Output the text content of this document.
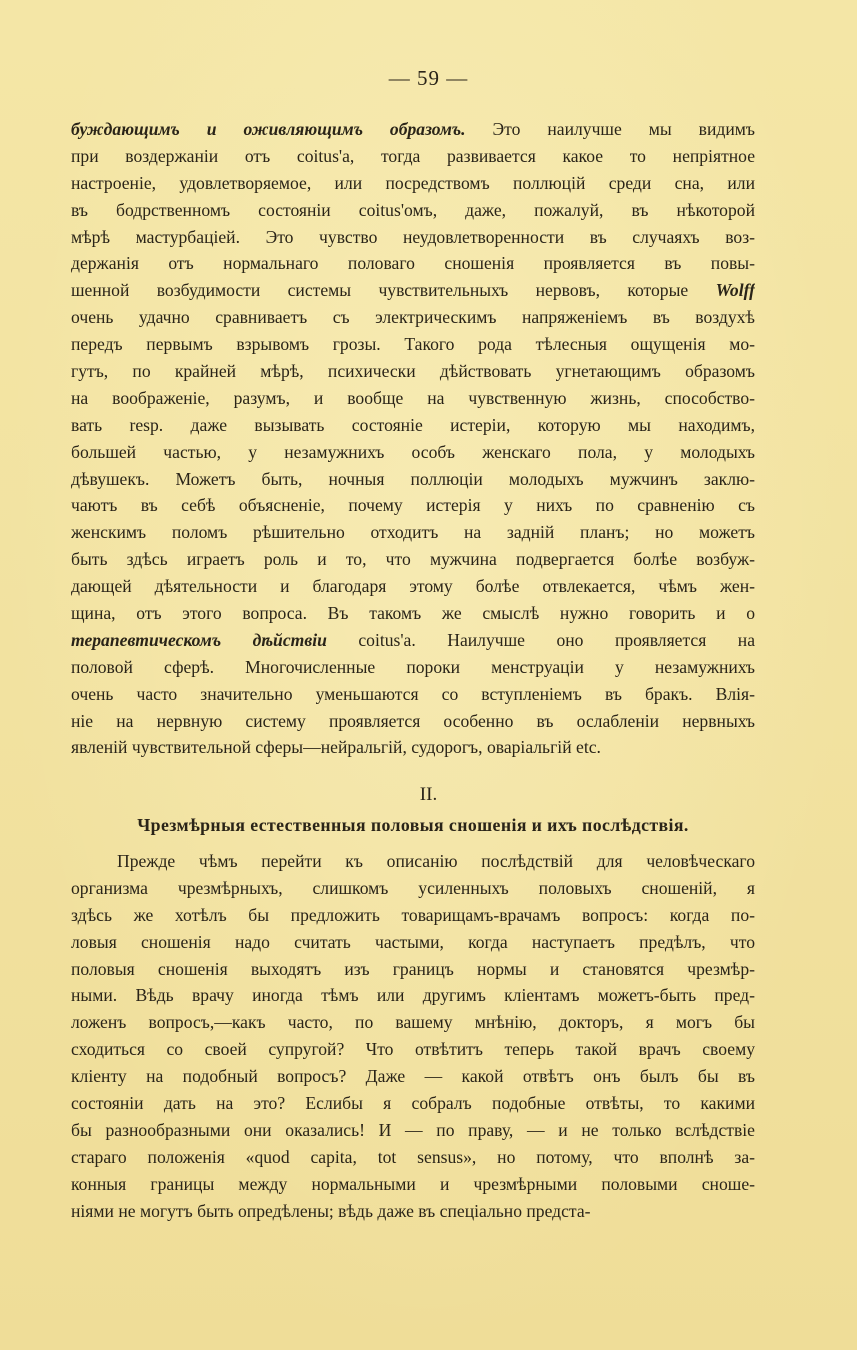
— 59 —
буждающимъ и оживляющимъ образомъ. Это наилучше мы видимъ
при воздержаніи отъ coitus'а, тогда развивается какое то непріятное
настроеніе, удовлетворяемое, или посредствомъ поллюцій среди сна, или
въ бодрственномъ состояніи coitus'омъ, даже, пожалуй, въ нѣкоторой
мѣрѣ мастурбаціей. Это чувство неудовлетворенности въ случаяхъ воз-
держанія отъ нормальнаго половаго сношенія проявляется въ повы-
шенной возбудимости системы чувствительныхъ нервовъ, которые Wolff
очень удачно сравниваетъ съ электрическимъ напряженіемъ въ воздухѣ
передъ первымъ взрывомъ грозы. Такого рода тѣлесныя ощущенія мо-
гутъ, по крайней мѣрѣ, психически дѣйствовать угнетающимъ образомъ
на воображеніе, разумъ, и вообще на чувственную жизнь, способство-
вать resp. даже вызывать состояніе истеріи, которую мы находимъ,
большей частью, у незамужнихъ особъ женскаго пола, у молодыхъ
дѣвушекъ. Можетъ быть, ночныя поллюціи молодыхъ мужчинъ заклю-
чаютъ въ себѣ объясненіе, почему истерія у нихъ по сравненію съ
женскимъ поломъ рѣшительно отходитъ на задній планъ; но можетъ
быть здѣсь играетъ роль и то, что мужчина подвергается болѣе возбуж-
дающей дѣятельности и благодаря этому болѣе отвлекается, чѣмъ жен-
щина, отъ этого вопроса. Въ такомъ же смыслѣ нужно говорить и о
терапевтическомъ дѣйствіи coitus'а. Наилучше оно проявляется на
половой сферѣ. Многочисленные пороки менструаціи у незамужнихъ
очень часто значительно уменьшаются со вступленіемъ въ бракъ. Влія-
ніе на нервную систему проявляется особенно въ ослабленіи нервныхъ
явленій чувствительной сферы—нейральгій, судорогъ, оваріальгій etc.
II.
Чрезмѣрныя естественныя половыя сношенія и ихъ послѣдствія.
Прежде чѣмъ перейти къ описанію послѣдствій для человѣческаго
организма чрезмѣрныхъ, слишкомъ усиленныхъ половыхъ сношеній, я
здѣсь же хотѣлъ бы предложить товарищамъ-врачамъ вопросъ: когда по-
ловыя сношенія надо считать частыми, когда наступаетъ предѣлъ, что
половыя сношенія выходятъ изъ границъ нормы и становятся чрезмѣр-
ными. Вѣдь врачу иногда тѣмъ или другимъ кліентамъ можетъ-быть пред-
ложенъ вопросъ,—какъ часто, по вашему мнѣнію, докторъ, я могъ бы
сходиться со своей супругой? Что отвѣтитъ теперь такой врачъ своему
кліенту на подобный вопросъ? Даже — какой отвѣтъ онъ былъ бы въ
состояніи дать на это? Еслибы я собралъ подобные отвѣты, то какими
бы разнообразными они оказались! И — по праву, — и не только вслѣдствіе
стараго положенія «quod capita, tot sensus», но потому, что вполнѣ за-
конныя границы между нормальными и чрезмѣрными половыми сноше-
ніями не могутъ быть опредѣлены; вѣдь даже въ спеціально предста-
